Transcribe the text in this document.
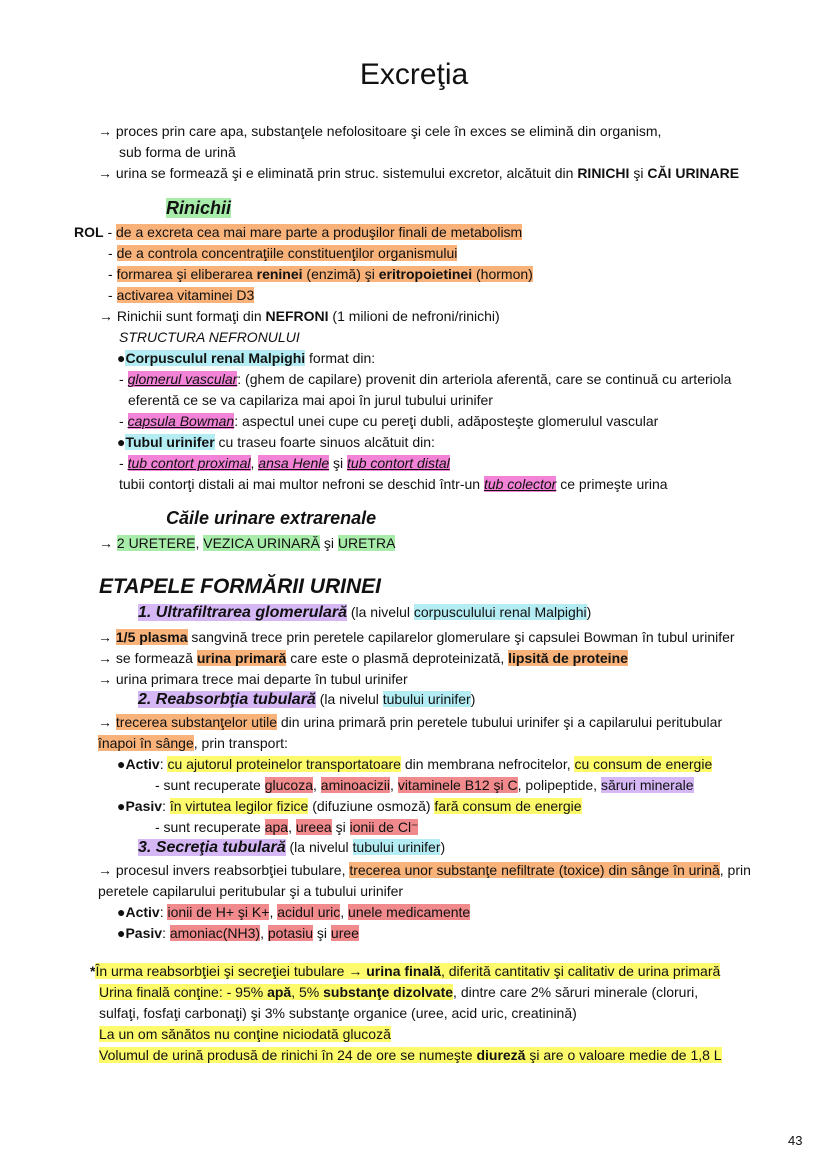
Excreţia
→ proces prin care apa, substanţele nefolositoare şi cele în exces se elimină din organism,
sub forma de urină
→ urina se formează şi e eliminată prin struc. sistemului excretor, alcătuit din RINICHI şi CĂI URINARE
Rinichii
ROL - de a excreta cea mai mare parte a produşilor finali de metabolism
- de a controla concentraţiile constituenţilor organismului
- formarea şi eliberarea reninei (enzimă) şi eritropoietinei (hormon)
- activarea vitaminei D3
→ Rinichii sunt formaţi din NEFRONI (1 milioni de nefroni/rinichi)
STRUCTURA NEFRONULUI
●Corpusculul renal Malpighi format din:
- glomerul vascular: (ghem de capilare) provenit din arteriola aferentă, care se continuă cu arteriola
eferentă ce se va capilariza mai apoi în jurul tubului urinifer
- capsula Bowman: aspectul unei cupe cu pereţi dubli, adăposteşte glomerulul vascular
●Tubul urinifer cu traseu foarte sinuos alcătuit din:
- tub contort proximal, ansa Henle şi tub contort distal
tubii contorţi distali ai mai multor nefroni se deschid într-un tub colector ce primeşte urina
Căile urinare extrarenale
→ 2 URETERE, VEZICA URINARĂ şi URETRA
ETAPELE FORMĂRII URINEI
1. Ultrafiltrarea glomerulară (la nivelul corpusculului renal Malpighi)
→ 1/5 plasma sangvină trece prin peretele capilarelor glomerulare şi capsulei Bowman în tubul urinifer
→ se formează urina primară care este o plasmă deproteinizată, lipsită de proteine
→ urina primara trece mai departe în tubul urinifer
2. Reabsorbţia tubulară (la nivelul tubului urinifer)
→ trecerea substanţelor utile din urina primară prin peretele tubului urinifer şi a capilarului peritubular
înapoi în sânge, prin transport:
●Activ: cu ajutorul proteinelor transportatoare din membrana nefrocitelor, cu consum de energie
- sunt recuperate glucoza, aminoacizii, vitaminele B12 şi C, polipeptide, săruri minerale
●Pasiv: în virtutea legilor fizice (difuziune osmoză) fară consum de energie
- sunt recuperate apa, ureea şi ionii de Cl⁻
3. Secreţia tubulară (la nivelul tubului urinifer)
→ procesul invers reabsorbţiei tubulare, trecerea unor substanţe nefiltrate (toxice) din sânge în urină, prin
peretele capilarului peritubular şi a tubului urinifer
●Activ: ionii de H+ şi K+, acidul uric, unele medicamente
●Pasiv: amoniac(NH3), potasiu şi uree
*În urma reabsorbţiei şi secreţiei tubulare → urina finală, diferită cantitativ şi calitativ de urina primară
Urina finală conţine: - 95% apă, 5% substanţe dizolvate, dintre care 2% săruri minerale (cloruri,
sulfaţi, fosfaţi carbonaţi) şi 3% substanţe organice (uree, acid uric, creatinină)
La un om sănătos nu conţine niciodată glucoză
Volumul de urină produsă de rinichi în 24 de ore se numeşte diureză şi are o valoare medie de 1,8 L
43
